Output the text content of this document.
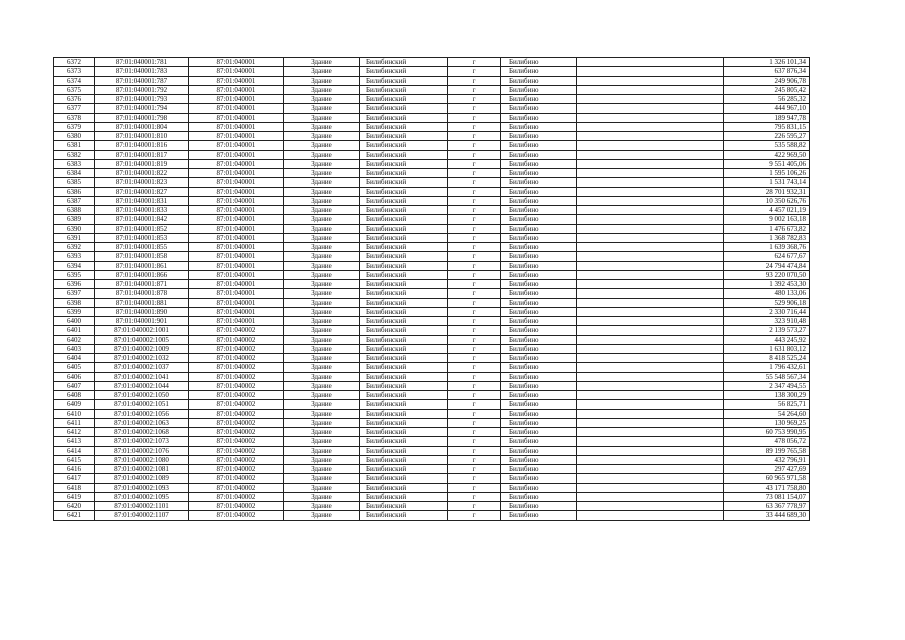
6372	87:01:040001:781	87:01:040001	Здание	Билибинский	г	Билибино		1 326 101,34
6373	87:01:040001:783	87:01:040001	Здание	Билибинский	г	Билибино		637 876,34
6374	87:01:040001:787	87:01:040001	Здание	Билибинский	г	Билибино		249 906,78
6375	87:01:040001:792	87:01:040001	Здание	Билибинский	г	Билибино		245 805,42
6376	87:01:040001:793	87:01:040001	Здание	Билибинский	г	Билибино		56 285,32
6377	87:01:040001:794	87:01:040001	Здание	Билибинский	г	Билибино		444 967,10
6378	87:01:040001:798	87:01:040001	Здание	Билибинский	г	Билибино		189 947,78
6379	87:01:040001:804	87:01:040001	Здание	Билибинский	г	Билибино		795 831,15
6380	87:01:040001:810	87:01:040001	Здание	Билибинский	г	Билибино		226 595,27
6381	87:01:040001:816	87:01:040001	Здание	Билибинский	г	Билибино		535 588,82
6382	87:01:040001:817	87:01:040001	Здание	Билибинский	г	Билибино		422 969,50
6383	87:01:040001:819	87:01:040001	Здание	Билибинский	г	Билибино		9 551 405,06
6384	87:01:040001:822	87:01:040001	Здание	Билибинский	г	Билибино		1 595 106,26
6385	87:01:040001:823	87:01:040001	Здание	Билибинский	г	Билибино		1 531 743,14
6386	87:01:040001:827	87:01:040001	Здание	Билибинский	г	Билибино		28 701 932,31
6387	87:01:040001:831	87:01:040001	Здание	Билибинский	г	Билибино		10 350 626,76
6388	87:01:040001:833	87:01:040001	Здание	Билибинский	г	Билибино		4 457 021,19
6389	87:01:040001:842	87:01:040001	Здание	Билибинский	г	Билибино		9 002 163,18
6390	87:01:040001:852	87:01:040001	Здание	Билибинский	г	Билибино		1 476 673,82
6391	87:01:040001:853	87:01:040001	Здание	Билибинский	г	Билибино		1 368 782,83
6392	87:01:040001:855	87:01:040001	Здание	Билибинский	г	Билибино		1 639 368,76
6393	87:01:040001:858	87:01:040001	Здание	Билибинский	г	Билибино		624 677,67
6394	87:01:040001:861	87:01:040001	Здание	Билибинский	г	Билибино		24 794 474,84
6395	87:01:040001:866	87:01:040001	Здание	Билибинский	г	Билибино		93 220 070,50
6396	87:01:040001:871	87:01:040001	Здание	Билибинский	г	Билибино		1 392 453,30
6397	87:01:040001:878	87:01:040001	Здание	Билибинский	г	Билибино		480 133,06
6398	87:01:040001:881	87:01:040001	Здание	Билибинский	г	Билибино		529 906,18
6399	87:01:040001:890	87:01:040001	Здание	Билибинский	г	Билибино		2 330 716,44
6400	87:01:040001:901	87:01:040001	Здание	Билибинский	г	Билибино		323 910,48
6401	87:01:040002:1001	87:01:040002	Здание	Билибинский	г	Билибино		2 139 573,27
6402	87:01:040002:1005	87:01:040002	Здание	Билибинский	г	Билибино		443 245,92
6403	87:01:040002:1009	87:01:040002	Здание	Билибинский	г	Билибино		1 631 803,12
6404	87:01:040002:1032	87:01:040002	Здание	Билибинский	г	Билибино		8 418 525,24
6405	87:01:040002:1037	87:01:040002	Здание	Билибинский	г	Билибино		1 796 432,61
6406	87:01:040002:1041	87:01:040002	Здание	Билибинский	г	Билибино		55 548 567,34
6407	87:01:040002:1044	87:01:040002	Здание	Билибинский	г	Билибино		2 347 494,55
6408	87:01:040002:1050	87:01:040002	Здание	Билибинский	г	Билибино		138 300,29
6409	87:01:040002:1051	87:01:040002	Здание	Билибинский	г	Билибино		56 825,71
6410	87:01:040002:1056	87:01:040002	Здание	Билибинский	г	Билибино		54 264,60
6411	87:01:040002:1063	87:01:040002	Здание	Билибинский	г	Билибино		130 969,25
6412	87:01:040002:1068	87:01:040002	Здание	Билибинский	г	Билибино		60 753 990,95
6413	87:01:040002:1073	87:01:040002	Здание	Билибинский	г	Билибино		478 056,72
6414	87:01:040002:1076	87:01:040002	Здание	Билибинский	г	Билибино		89 199 765,58
6415	87:01:040002:1080	87:01:040002	Здание	Билибинский	г	Билибино		432 796,91
6416	87:01:040002:1081	87:01:040002	Здание	Билибинский	г	Билибино		297 427,69
6417	87:01:040002:1089	87:01:040002	Здание	Билибинский	г	Билибино		60 965 971,58
6418	87:01:040002:1093	87:01:040002	Здание	Билибинский	г	Билибино		43 171 758,80
6419	87:01:040002:1095	87:01:040002	Здание	Билибинский	г	Билибино		73 081 154,07
6420	87:01:040002:1101	87:01:040002	Здание	Билибинский	г	Билибино		63 367 778,97
6421	87:01:040002:1107	87:01:040002	Здание	Билибинский	г	Билибино		33 444 689,30
